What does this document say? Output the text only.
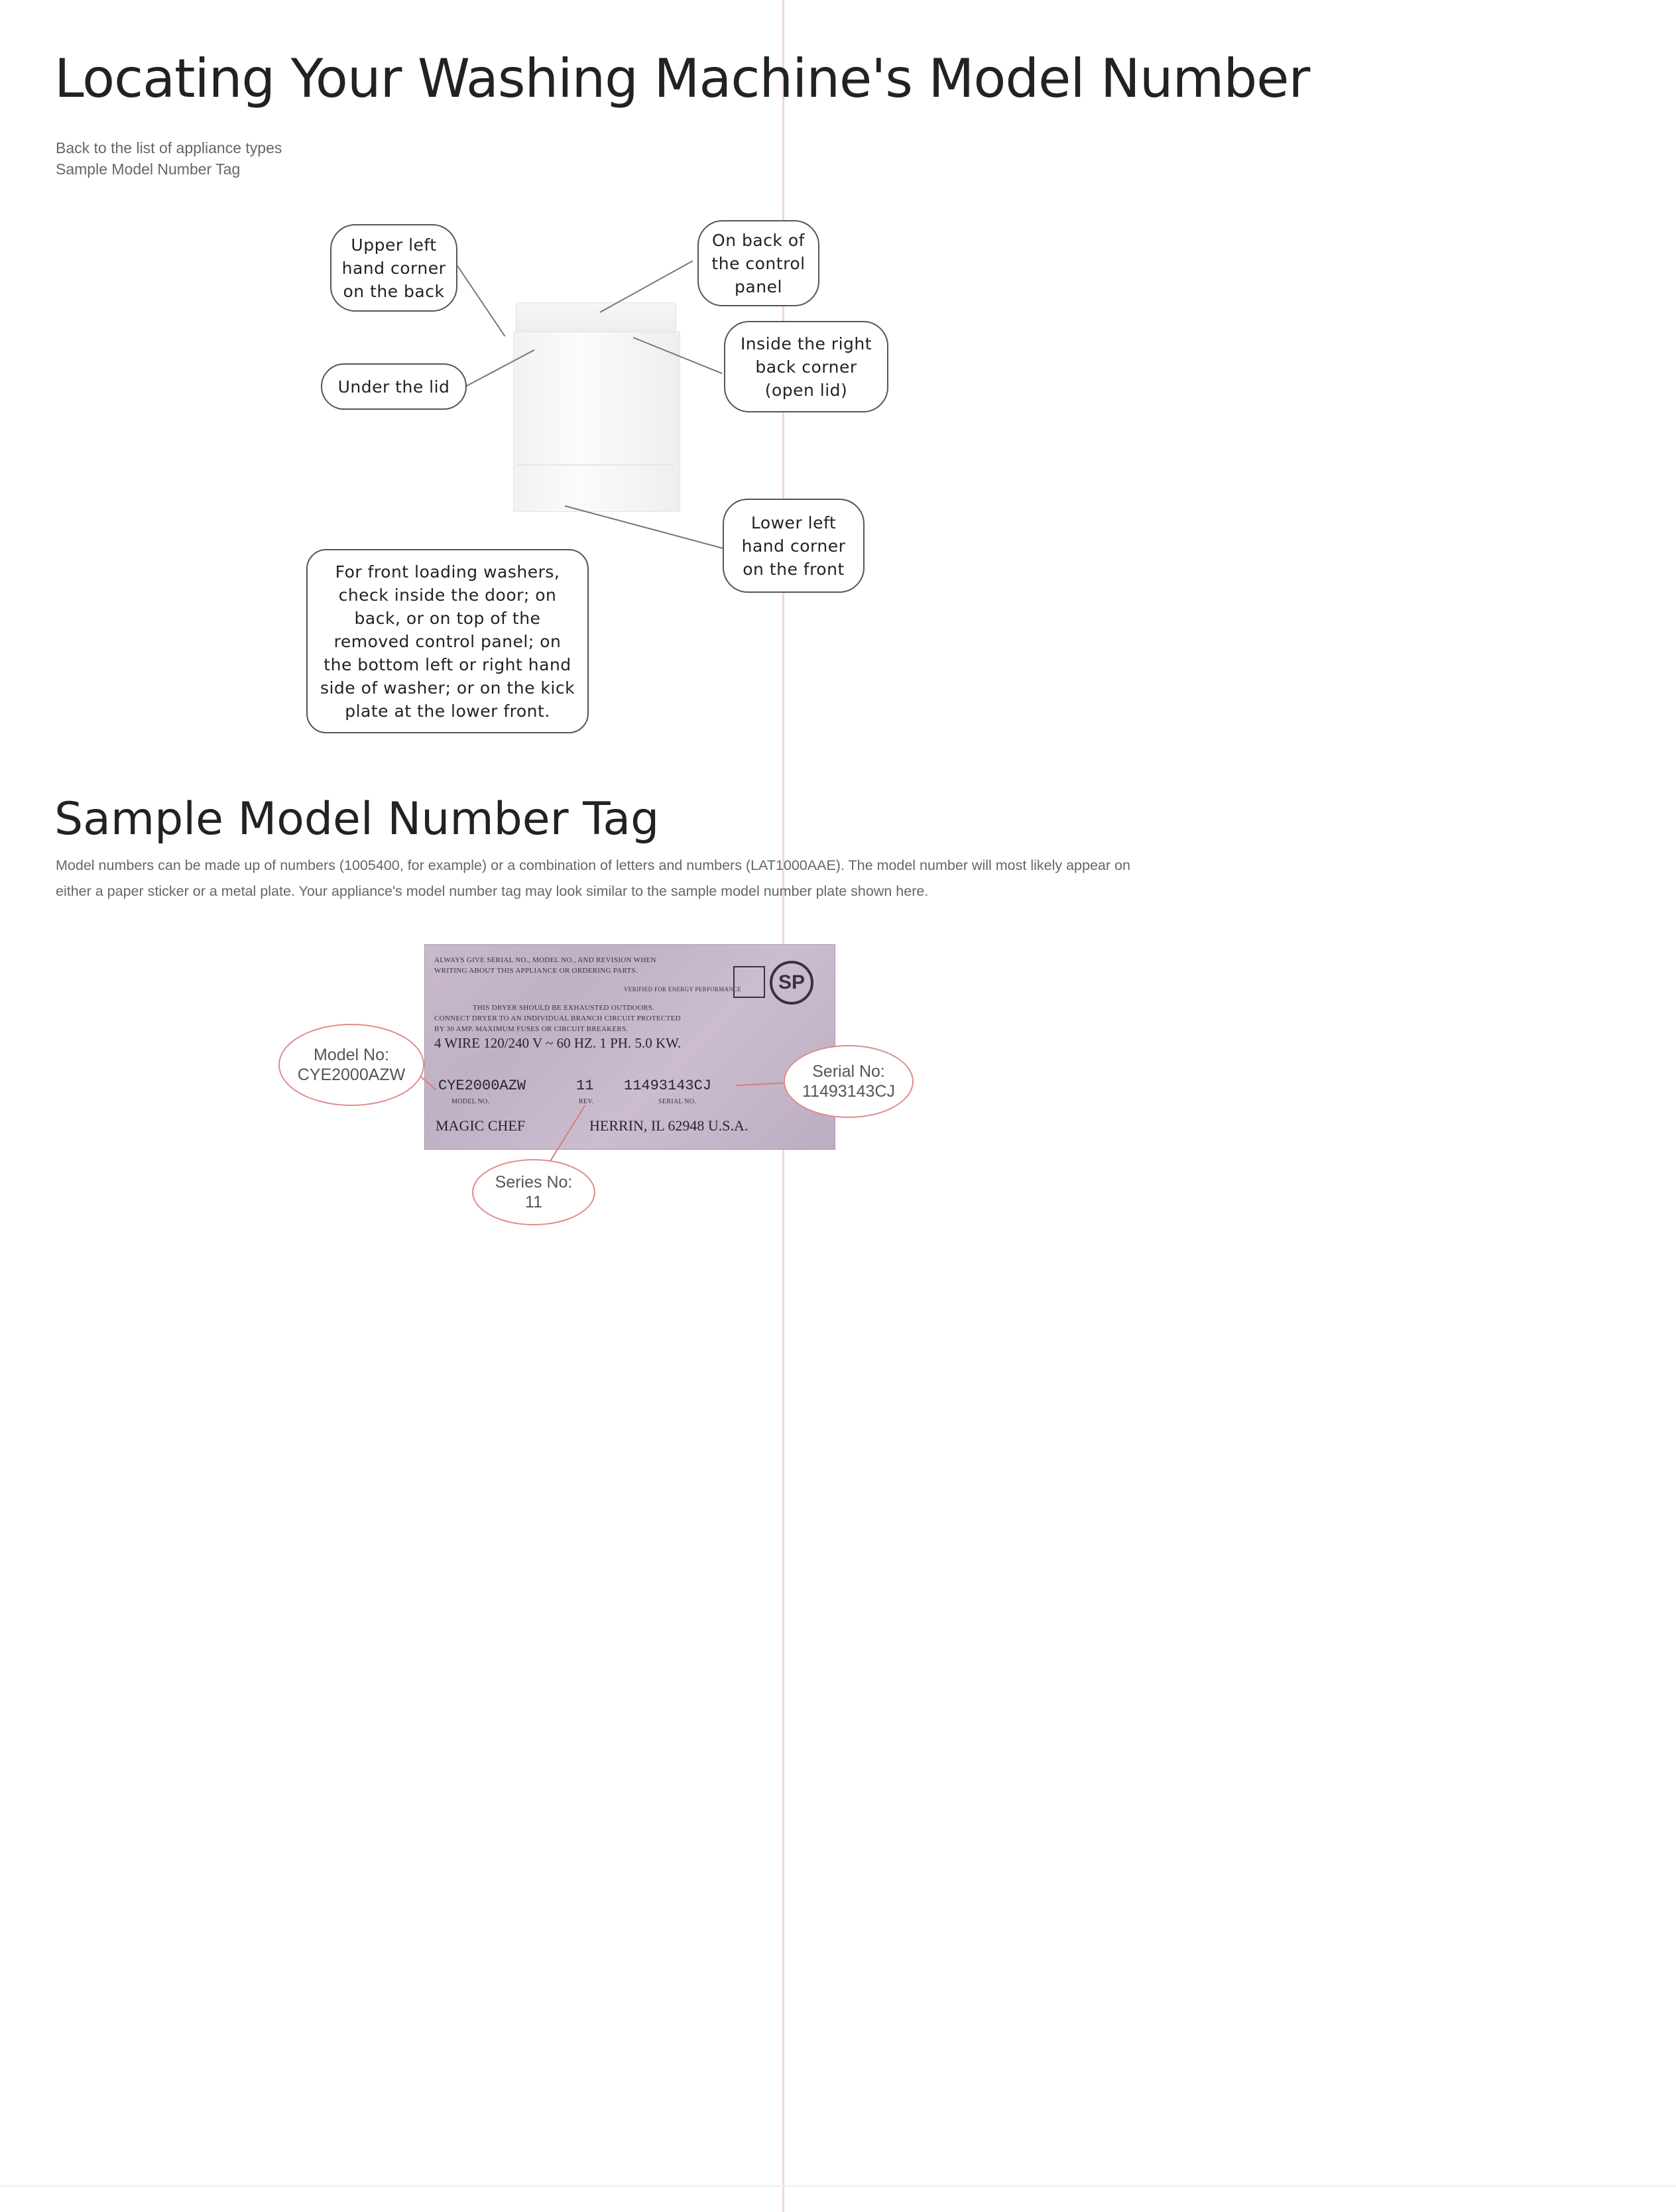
Locating Your Washing Machine's Model Number
Back to the list of appliance types
Sample Model Number Tag
Upper left
hand corner
on the back
On back of
the control
panel
Inside the right
back corner
(open lid)
Under the lid
Lower left
hand corner
on the front
For front loading washers,
check inside the door; on
back, or on top of the
removed control panel; on
the bottom left or right hand
side of washer; or on the kick
plate at the lower front.
Sample Model Number Tag

Model numbers can be made up of numbers (1005400, for example) or a combination of letters and numbers (LAT1000AAE). The model number will most likely appear on either a paper sticker or a metal plate. Your appliance's model number tag may look similar to the sample model number plate shown here.

ALWAYS GIVE SERIAL NO., MODEL NO., AND REVISION WHEN
WRITING ABOUT THIS APPLIANCE OR ORDERING PARTS.
THIS DRYER SHOULD BE EXHAUSTED OUTDOORS.
CONNECT DRYER TO AN INDIVIDUAL BRANCH CIRCUIT PROTECTED
BY 30 AMP. MAXIMUM FUSES OR CIRCUIT BREAKERS.
VERIFIED FOR ENERGY PERFORMANCE	SP
4 WIRE 120/240 V ~ 60 HZ. 1 PH. 5.0 KW.
CYE2000AZW	11 11493143CJ
MODEL NO.	REV.	SERIAL NO.
MAGIC CHEF	HERRIN, IL 62948 U.S.A.
Model No:
CYE2000AZW	Serial No:
11493143CJ
Series No:
11
